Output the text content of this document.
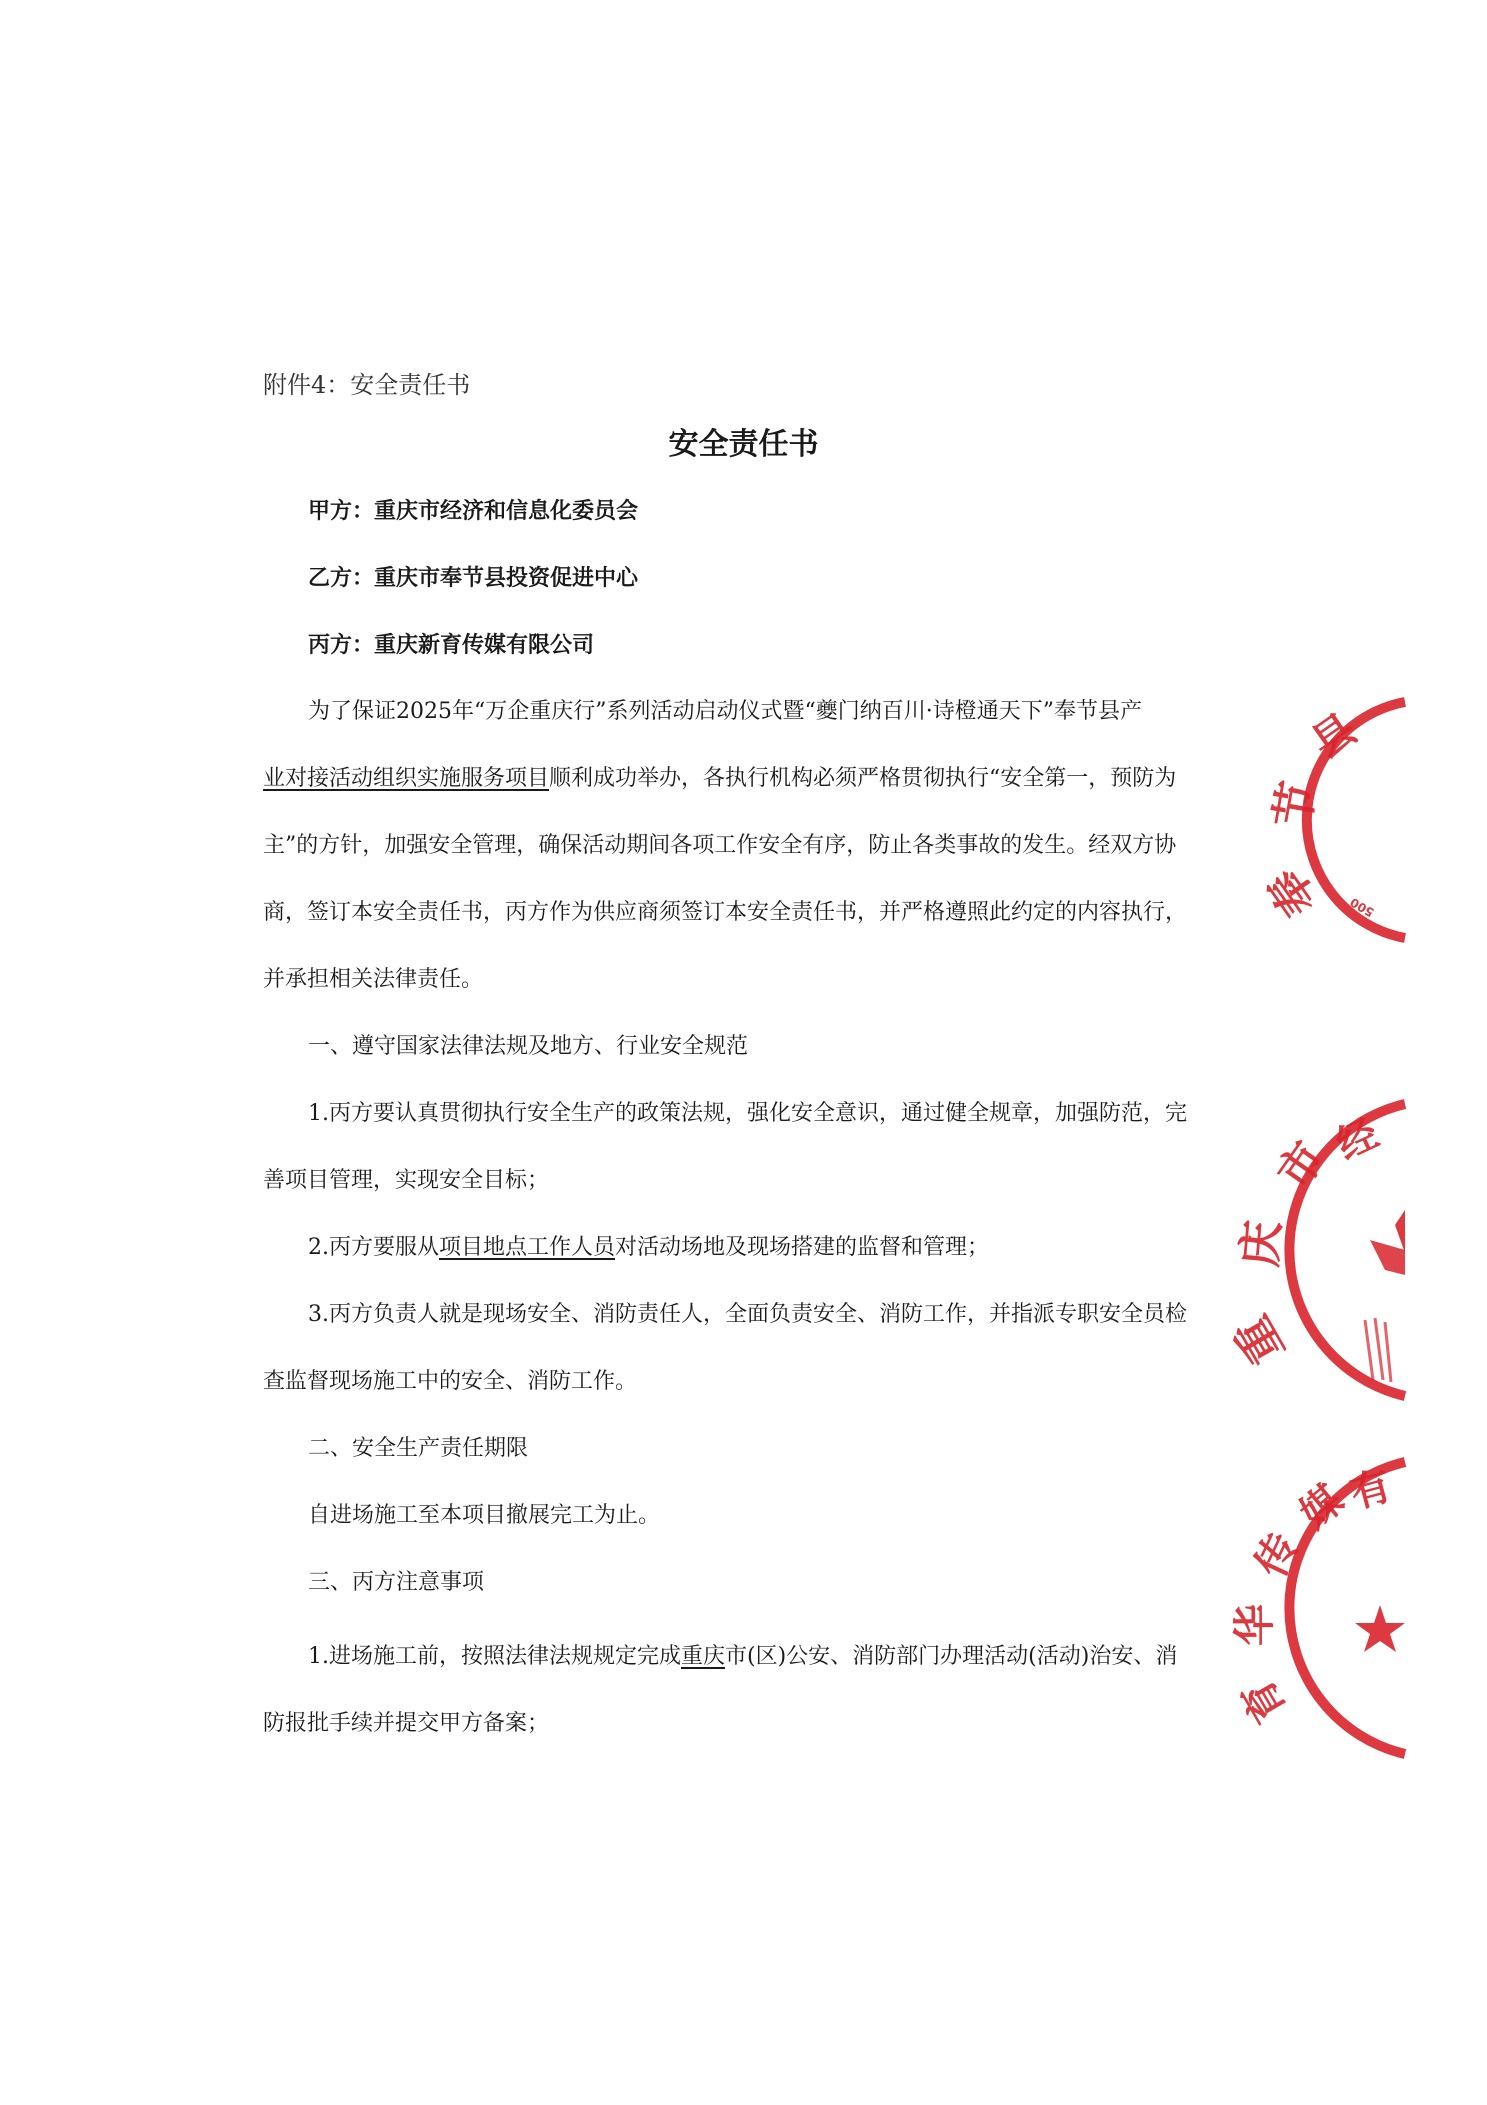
附件4：安全责任书
安全责任书
甲方：重庆市经济和信息化委员会
乙方：重庆市奉节县投资促进中心
丙方：重庆新育传媒有限公司
为了保证2025年“万企重庆行”系列活动启动仪式暨“夔门纳百川·诗橙通天下”奉节县产
业对接活动组织实施服务项目顺利成功举办，各执行机构必须严格贯彻执行“安全第一，预防为
主”的方针，加强安全管理，确保活动期间各项工作安全有序，防止各类事故的发生。经双方协
商，签订本安全责任书，丙方作为供应商须签订本安全责任书，并严格遵照此约定的内容执行，
并承担相关法律责任。
一、遵守国家法律法规及地方、行业安全规范
1.丙方要认真贯彻执行安全生产的政策法规，强化安全意识，通过健全规章，加强防范，完
善项目管理，实现安全目标；
2.丙方要服从项目地点工作人员对活动场地及现场搭建的监督和管理；
3.丙方负责人就是现场安全、消防责任人，全面负责安全、消防工作，并指派专职安全员检
查监督现场施工中的安全、消防工作。
二、安全生产责任期限
自进场施工至本项目撤展完工为止。
三、丙方注意事项
1.进场施工前，按照法律法规规定完成重庆市(区)公安、消防部门办理活动(活动)治安、消
防报批手续并提交甲方备案；
县
节
奉 500
经
市
庆
重
有
媒
传
华
育
